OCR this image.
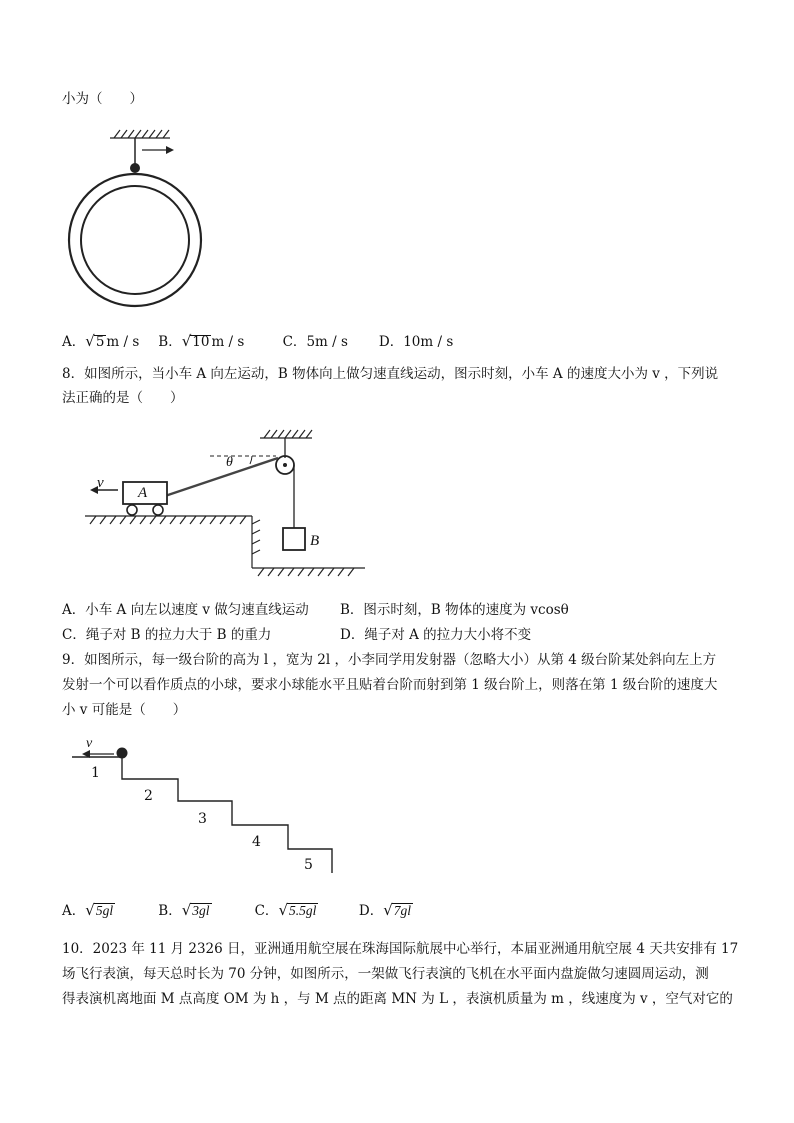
小为（　　）
A．√5 m / s B．√10 m / s	C．5m / s D．10m / s
8．如图所示，当小车 A 向左运动，B 物体向上做匀速直线运动，图示时刻，小车 A 的速度大小为 v ，下列说
法正确的是（　　）
v
θ
A
B
A．小车 A 向左以速度 v 做匀速直线运动 B．图示时刻，B 物体的速度为 vcosθ
C．绳子对 B 的拉力大于 B 的重力	D．绳子对 A 的拉力大小将不变
9．如图所示，每一级台阶的高为 l ，宽为 2l ，小李同学用发射器（忽略大小）从第 4 级台阶某处斜向左上方
发射一个可以看作质点的小球，要求小球能水平且贴着台阶而射到第 1 级台阶上，则落在第 1 级台阶的速度大
小 v 可能是（　　）
v
1
2
3
4
5
A．√5gl	B．√3gl	C．√5.5gl	D．√7gl
10．2023 年 11 月 2326 日，亚洲通用航空展在珠海国际航展中心举行，本届亚洲通用航空展 4 天共安排有 17
场飞行表演，每天总时长为 70 分钟，如图所示，一架做飞行表演的飞机在水平面内盘旋做匀速圆周运动，测
得表演机离地面 M 点高度 OM 为 h ，与 M 点的距离 MN 为 L ，表演机质量为 m ，线速度为 v ，空气对它的
